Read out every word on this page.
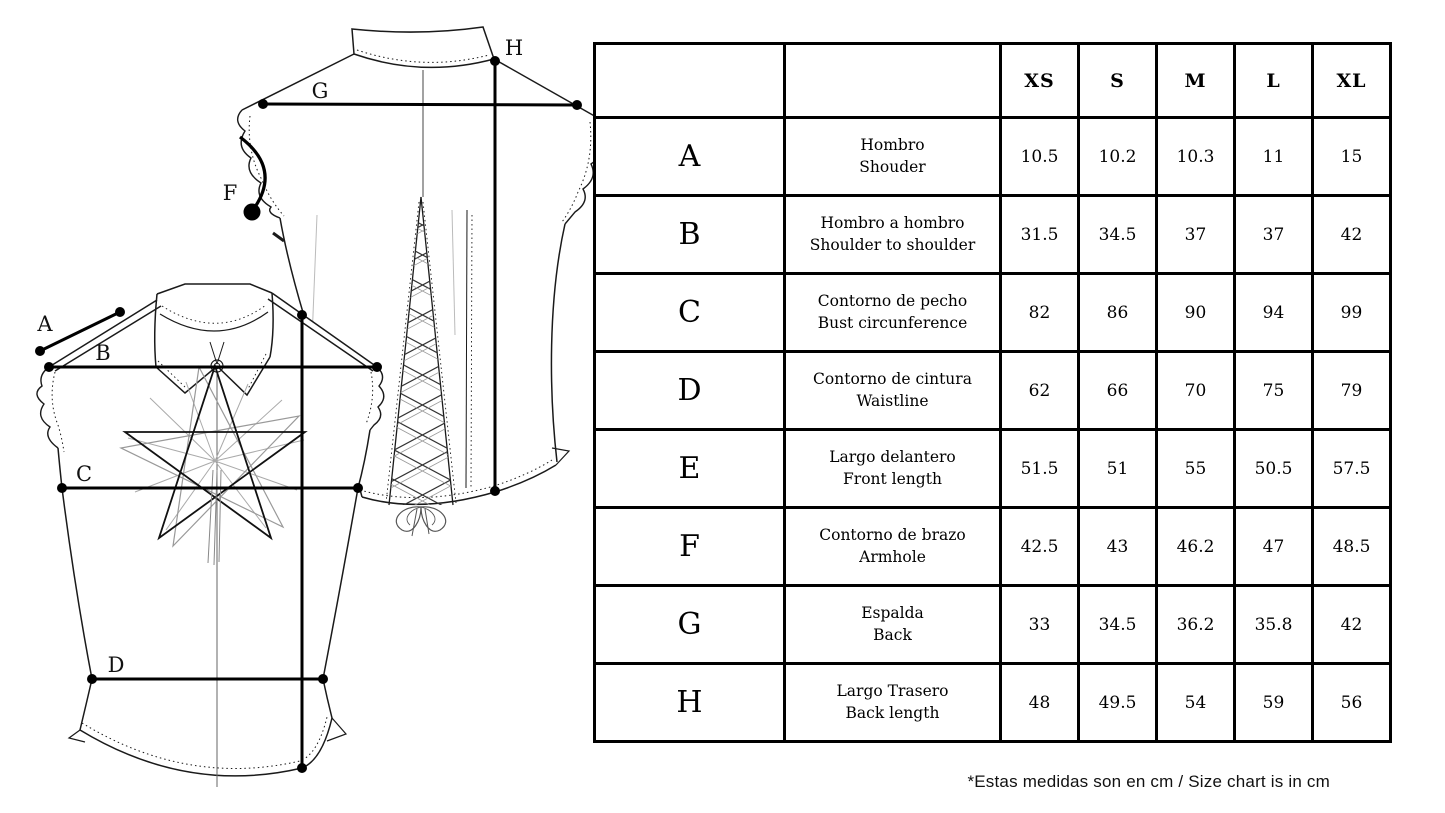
G
H
F
A
B
C
D
		XS	S	M	L	XL
A	Hombro
Shouder	10.5	10.2	10.3	11	15
B	Hombro a hombro
Shoulder to shoulder	31.5	34.5	37	37	42
C	Contorno de pecho
Bust circunference	82	86	90	94	99
D	Contorno de cintura
Waistline	62	66	70	75	79
E	Largo delantero
Front length	51.5	51	55	50.5	57.5
F	Contorno de brazo
Armhole	42.5	43	46.2	47	48.5
G	Espalda
Back	33	34.5	36.2	35.8	42
H	Largo Trasero
Back length	48	49.5	54	59	56
*Estas medidas son en cm / Size chart is in cm
